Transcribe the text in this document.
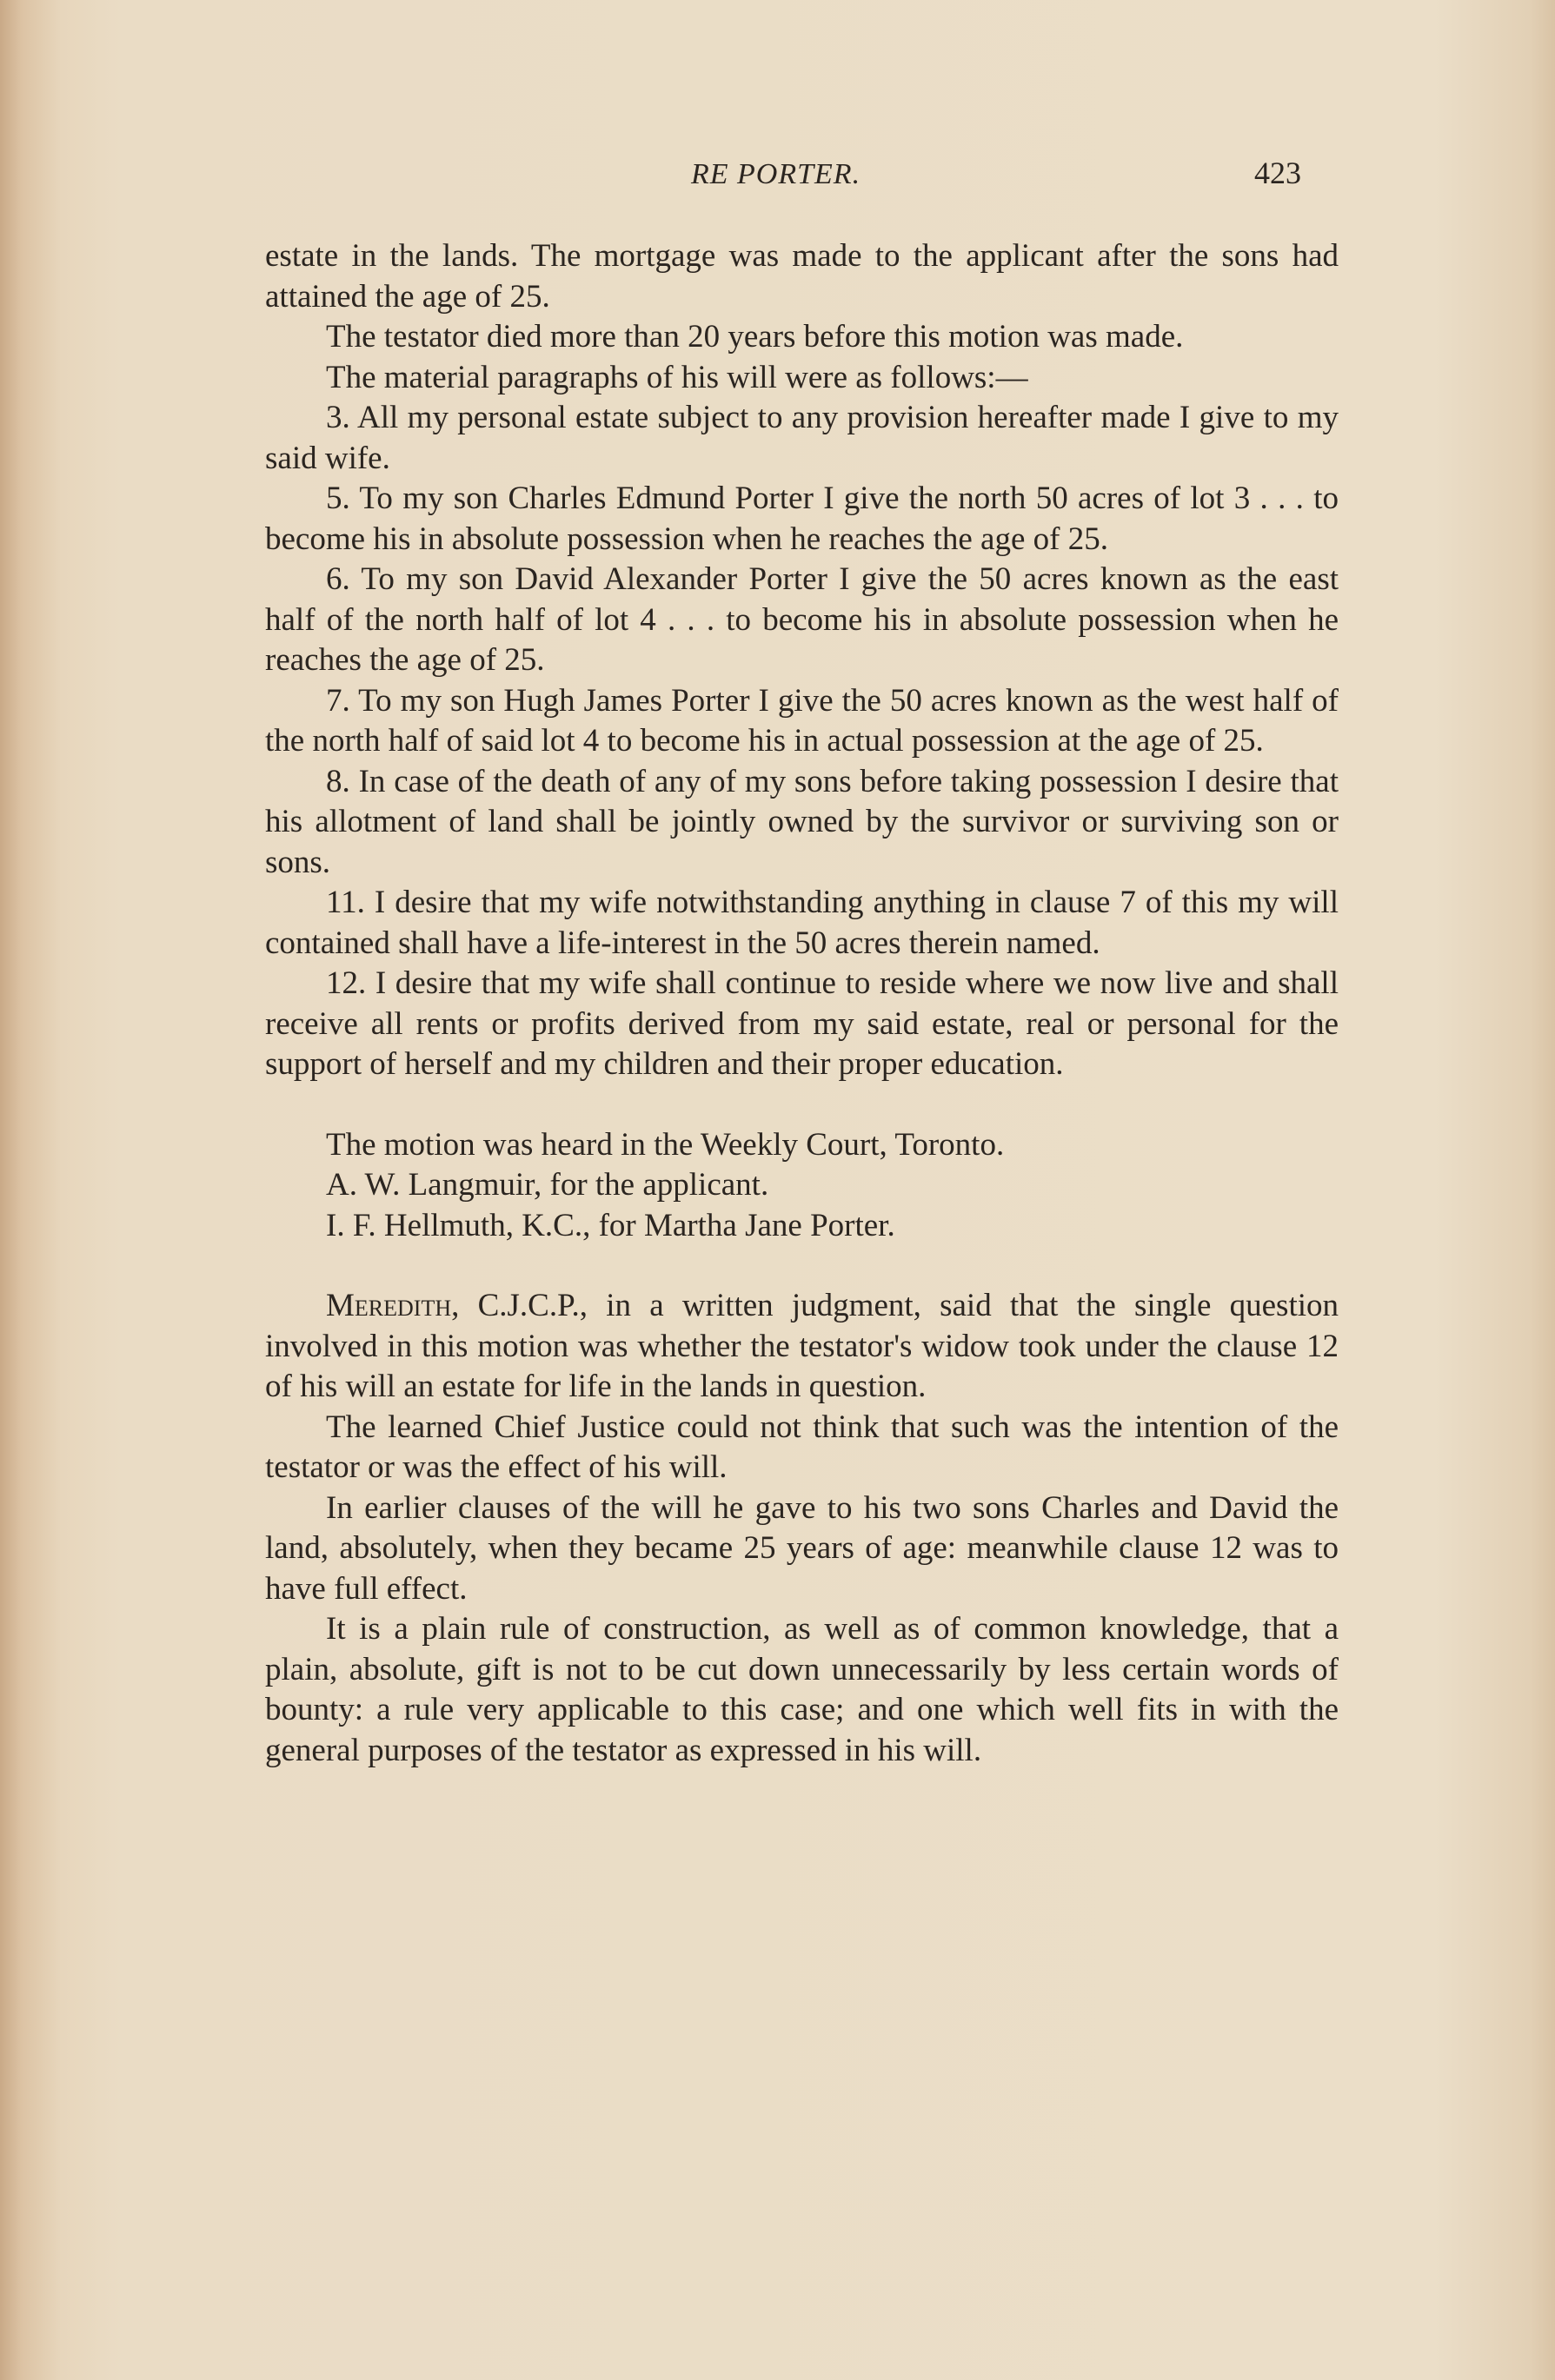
RE PORTER.	423

estate in the lands. The mortgage was made to the applicant after the sons had attained the age of 25.

The testator died more than 20 years before this motion was made.

The material paragraphs of his will were as follows:—

3. All my personal estate subject to any provision hereafter made I give to my said wife.

5. To my son Charles Edmund Porter I give the north 50 acres of lot 3 . . . to become his in absolute possession when he reaches the age of 25.

6. To my son David Alexander Porter I give the 50 acres known as the east half of the north half of lot 4 . . . to become his in absolute possession when he reaches the age of 25.

7. To my son Hugh James Porter I give the 50 acres known as the west half of the north half of said lot 4 to become his in actual possession at the age of 25.

8. In case of the death of any of my sons before taking possession I desire that his allotment of land shall be jointly owned by the survivor or surviving son or sons.

11. I desire that my wife notwithstanding anything in clause 7 of this my will contained shall have a life-interest in the 50 acres therein named.

12. I desire that my wife shall continue to reside where we now live and shall receive all rents or profits derived from my said estate, real or personal for the support of herself and my children and their proper education.

The motion was heard in the Weekly Court, Toronto.

A. W. Langmuir, for the applicant.

I. F. Hellmuth, K.C., for Martha Jane Porter.

Meredith, C.J.C.P., in a written judgment, said that the single question involved in this motion was whether the testator's widow took under the clause 12 of his will an estate for life in the lands in question.

The learned Chief Justice could not think that such was the intention of the testator or was the effect of his will.

In earlier clauses of the will he gave to his two sons Charles and David the land, absolutely, when they became 25 years of age: meanwhile clause 12 was to have full effect.

It is a plain rule of construction, as well as of common knowledge, that a plain, absolute, gift is not to be cut down unnecessarily by less certain words of bounty: a rule very applicable to this case; and one which well fits in with the general purposes of the testator as expressed in his will.
